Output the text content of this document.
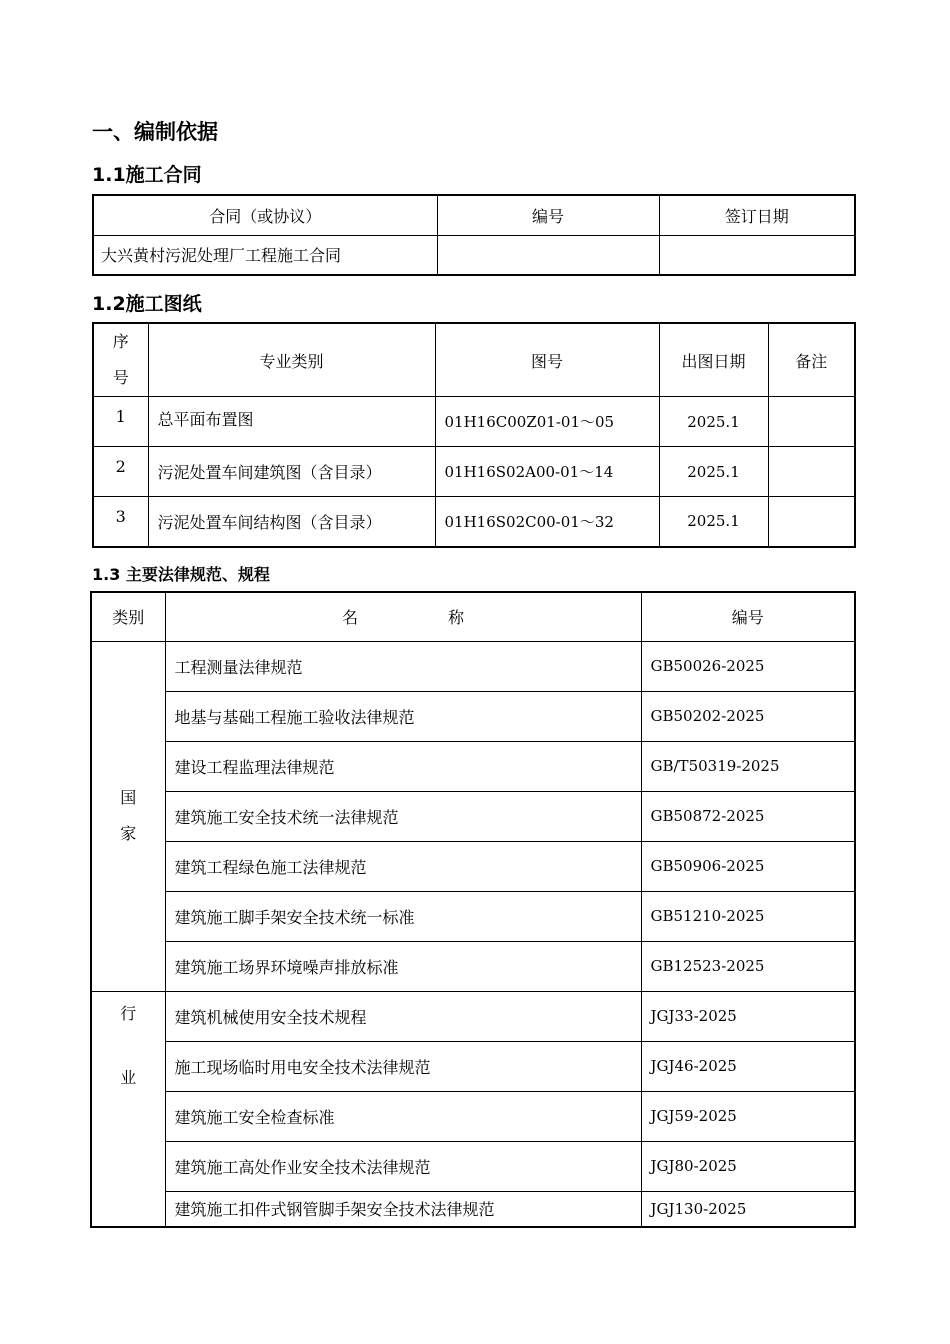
一、编制依据
1.1施工合同
合同（或协议）	编号	签订日期
大兴黄村污泥处理厂工程施工合同		
1.2施工图纸
序
号	专业类别	图号	出图日期	备注
1	总平面布置图	01H16C00Z01-01～05	2025.1	
2	污泥处置车间建筑图（含目录）	01H16S02A00-01～14	2025.1	
3	污泥处置车间结构图（含目录）	01H16S02C00-01～32	2025.1	
1.3 主要法律规范、规程
类别	名 称	编号

国
家	工程测量法律规范	GB50026-2025
	地基与基础工程施工验收法律规范	GB50202-2025
	建设工程监理法律规范	GB/T50319-2025
	建筑施工安全技术统一法律规范	GB50872-2025
	建筑工程绿色施工法律规范	GB50906-2025
	建筑施工脚手架安全技术统一标准	GB51210-2025
	建筑施工场界环境噪声排放标准	GB12523-2025

行
业	建筑机械使用安全技术规程	JGJ33-2025
	施工现场临时用电安全技术法律规范	JGJ46-2025
	建筑施工安全检查标准	JGJ59-2025
	建筑施工高处作业安全技术法律规范	JGJ80-2025
	建筑施工扣件式钢管脚手架安全技术法律规范	JGJ130-2025
